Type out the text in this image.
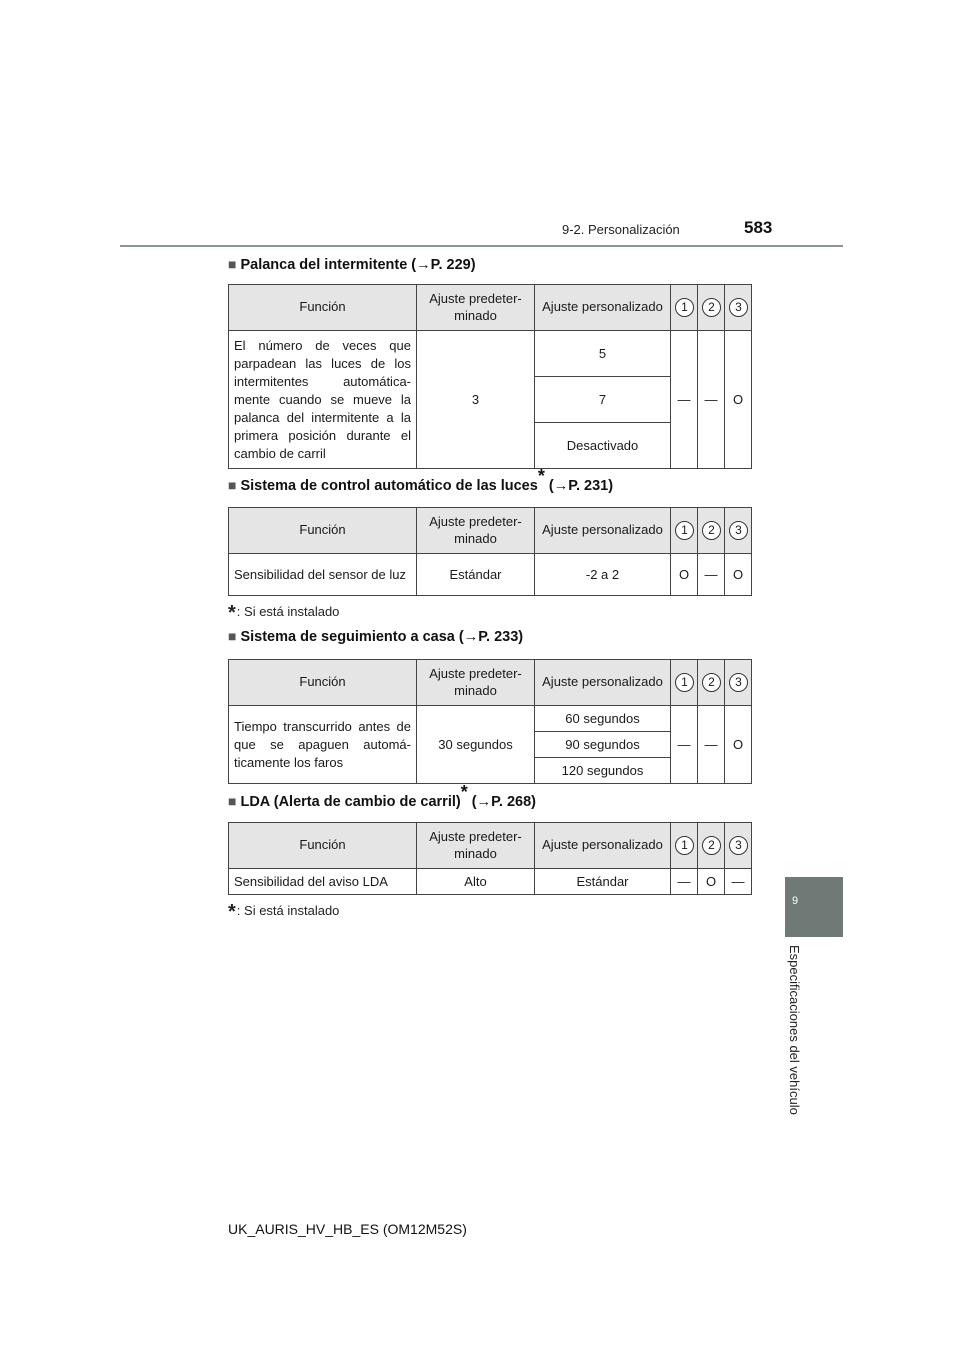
9-2. Personalización	583
9
Especificaciones del vehículo
■ Palanca del intermitente (→P. 229)
Función	Ajuste predeter-minado	Ajuste personalizado	1	2	3
El número de veces que parpadean las luces de los intermitentes automática-mente cuando se mueve la palanca del intermitente a la primera posición durante el cambio de carril	3	5	—	—	O
		7			
		Desactivado			
■ Sistema de control automático de las luces* (→P. 231)
Función	Ajuste predeter-minado	Ajuste personalizado	1	2	3
Sensibilidad del sensor de luz	Estándar	-2 a 2	O	—	O
*: Si está instalado
■ Sistema de seguimiento a casa (→P. 233)
Función	Ajuste predeter-minado	Ajuste personalizado	1	2	3
Tiempo transcurrido antes de que se apaguen automá-ticamente los faros	30 segundos	60 segundos	—	—	O
		90 segundos			
		120 segundos			
■ LDA (Alerta de cambio de carril)* (→P. 268)
Función	Ajuste predeter-minado	Ajuste personalizado	1	2	3
Sensibilidad del aviso LDA	Alto	Estándar	—	O	—
*: Si está instalado
UK_AURIS_HV_HB_ES (OM12M52S)
